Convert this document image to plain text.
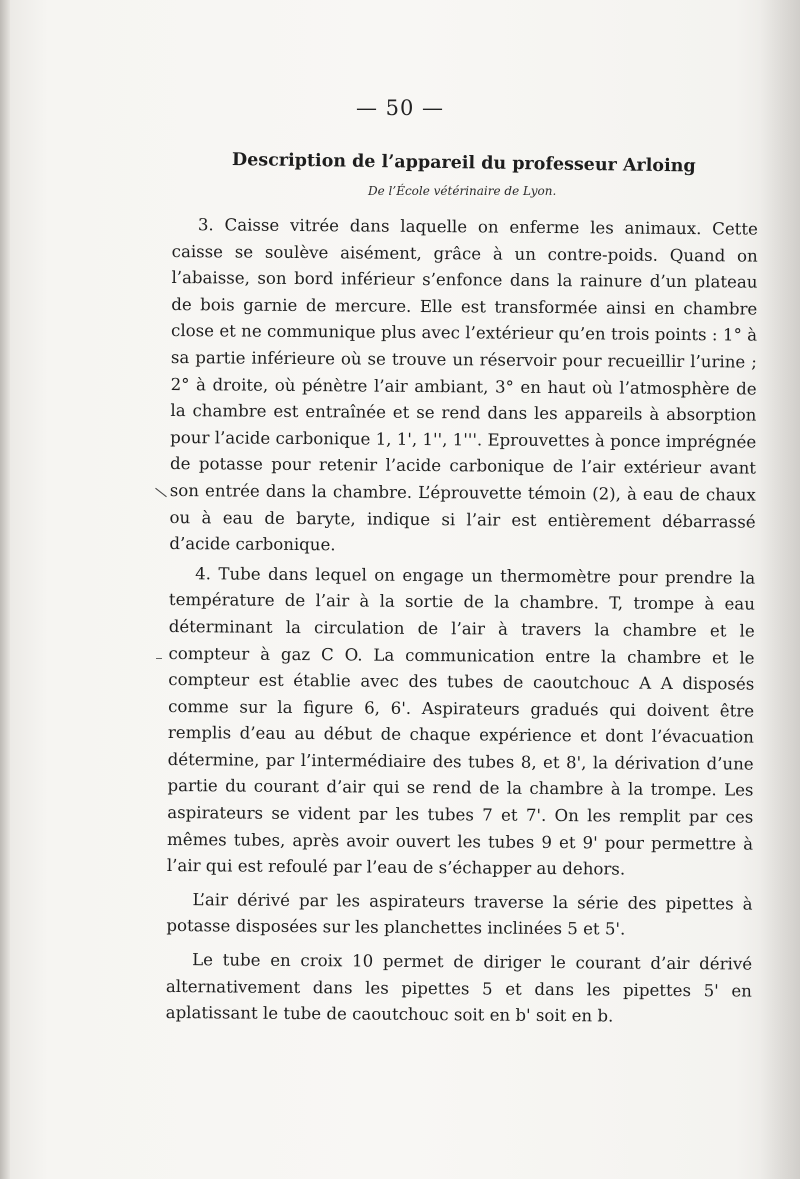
— 50 —
Description de l’appareil du professeur Arloing
De l’École vétérinaire de Lyon.

3. Caisse vitrée dans laquelle on enferme les animaux. Cette caisse se soulève aisément, grâce à un contre-poids. Quand on l’abaisse, son bord inférieur s’enfonce dans la rainure d’un plateau de bois garnie de mercure. Elle est transformée ainsi en chambre close et ne communique plus avec l’extérieur qu’en trois points : 1° à sa partie inférieure où se trouve un réservoir pour recueillir l’urine ; 2° à droite, où pénètre l’air ambiant, 3° en haut où l’atmosphère de la chambre est entraînée et se rend dans les appareils à absorption pour l’acide carbonique 1, 1', 1'', 1'''. Eprouvettes à ponce imprégnée de potasse pour retenir l’acide carbonique de l’air extérieur avant son entrée dans la chambre. L’éprouvette témoin (2), à eau de chaux ou à eau de baryte, indique si l’air est entièrement débarrassé d’acide carbonique.

4. Tube dans lequel on engage un thermomètre pour prendre la température de l’air à la sortie de la chambre. T, trompe à eau déterminant la circulation de l’air à travers la chambre et le compteur à gaz C O. La communication entre la chambre et le compteur est établie avec des tubes de caoutchouc A A disposés comme sur la figure 6, 6'. Aspirateurs gradués qui doivent être remplis d’eau au début de chaque expérience et dont l’évacuation détermine, par l’intermédiaire des tubes 8, et 8', la dérivation d’une partie du courant d’air qui se rend de la chambre à la trompe. Les aspirateurs se vident par les tubes 7 et 7'. On les remplit par ces mêmes tubes, après avoir ouvert les tubes 9 et 9' pour permettre à l’air qui est refoulé par l’eau de s’échapper au dehors.

L’air dérivé par les aspirateurs traverse la série des pipettes à potasse disposées sur les planchettes inclinées 5 et 5'.

Le tube en croix 10 permet de diriger le courant d’air dérivé alternativement dans les pipettes 5 et dans les pipettes 5' en aplatissant le tube de caoutchouc soit en b' soit en b.
